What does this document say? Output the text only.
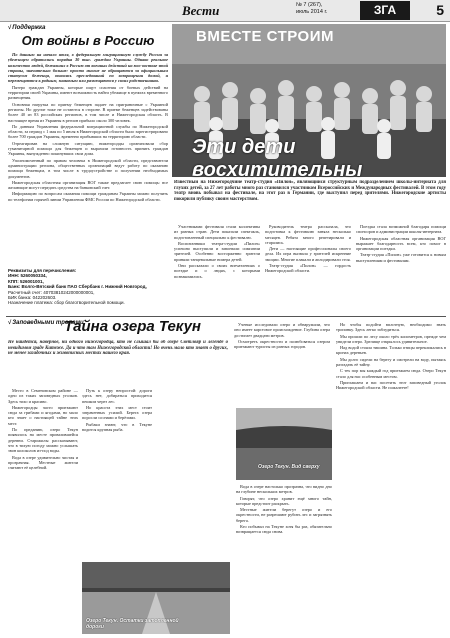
Вести	№ 7 (267),
июль 2014 г.	ЗГА	5
√ Поддержка
От войны в Россию

По данным на начало июля, в федеральную миграционную службу России за убежищем обратились порядка 30 тыс. граждан Украины. Однако реальное количество людей, бежавших в Россию от военных действий на юго-востоке этой страны, значительно больше: просто многие не обращаются за официальным статусом беженца, опасаясь преследований по возвращении домой, и перемещаются к родным, знакомым или размещаются у своих родственников.

Пятеро граждан Украины, которые ищут спасения от боевых действий на территории своей Украины, имеют возможность найти убежище в пунктах временного размещения.

Основная нагрузка по приему беженцев падает на приграничные с Украиной регионы. Но другие тоже не остаются в стороне. В приеме беженцев задействованы более 40 из 83 российских регионов, в том числе и Нижегородская область. В настоящее время из Украины в регион прибыло около 300 человек.

По данным Управления федеральной миграционной службы по Нижегородской области, за период с 1 мая по 5 июля в Нижегородской области было зарегистрировано более 700 граждан Украины, временно прибывших на территорию области.

Отреагировав на сложную ситуацию, нижегородцы организовали сбор гуманитарной помощи для беженцев и выразили готовность принять граждан Украины, вынужденно покинувших свои дома.

Уполномоченный по правам человека в Нижегородской области, представители администрации региона, общественных организаций ведут работу по оказанию помощи беженцам, в том числе в трудоустройстве и получении необходимых документов.

Нижегородская областная организация ВОГ также предлагает свою помощь: все желающие могут передать средства на банковский счет.

Информацию по вопросам оказания помощи гражданам Украины можно получить по телефонам горячей линии Управления ФМС России по Нижегородской области.

Реквизиты для перечисления:
ИНН: 5260050334,
КПП: 526001001,
Банк: Волго-Вятский банк ПАО Сбербанк г. Нижний Новгород,
Расчетный счет: 40703810242000000001,
БИК банка: 042202603.
Назначение платежа: сбор благотворительной помощи.
ВМЕСТЕ СТРОИМ
Эти дети восхитительны
Известный на Нижегородчине театр-студия «Пилон», являющийся структурным подразделением школы-интерната для глухих детей, за 27 лет работы много раз становился участником Всероссийских и Международных фестивалей. В этом году театр вновь побывал на фестивале, на этот раз в Германии, где выступил перед зрителями. Нижегородские артисты покорили публику своим мастерством.

Участниками фестиваля стали коллективы из разных стран. Дети показали спектакль, подготовленный специально к фестивалю.

Воспитанники театра-студии «Пилон» успешно выступили и завоевали симпатии зрителей. Особенно восторженно зрители приняли танцевальные номера детей.

Они рассказали о своих впечатлениях о поездке и о людях, с которыми познакомились.

Руководитель театра рассказала, что подготовка к фестивалю заняла несколько месяцев. Ребята много репетировали и старались.

Дети — настоящие профессионалы своего дела. Их игра вызвала у зрителей искренние эмоции. Многие плакали и аплодировали стоя.

Театр-студия «Пилон» — гордость Нижегородской области.

Поездка стала возможной благодаря помощи спонсоров и администрации школы-интерната.

Нижегородская областная организация ВОГ выражает благодарность всем, кто помог в организации поездки.

Театр-студия «Пилон» уже готовится к новым выступлениям и фестивалям.

√ Заповедными тропами
Тайна озера Текун
Не найдется, наверное, ни одного нижегородца, кто не слышал бы об озере Светлояр и легенде о невидимом граде Китеже. Да и что там Нижегородской области! Но очень мало кто знает о других, не менее загадочных и живописных местах нашего края.

Место в Семеновском районе — одно из таких заповедных уголков. Здесь тихо и красиво.

Нижегородцы часто приезжают сюда за грибами и ягодами, но мало кто знает о настоящей тайне этих мест.

По преданию, озеро Текун появилось на месте провалившейся деревни. Старожилы рассказывают, что в тихую погоду можно услышать звон колоколов из-под воды.

Вода в озере удивительно чистая и прозрачная. Местные жители считают её целебной.

Путь к озеру непростой: дороги здесь нет, добираться приходится пешком через лес.

Но красота этих мест стоит затраченных усилий. Берега озера поросли соснами и берёзами.

Рыбаки знают, что в Текуне водится крупная рыба.

Ученые исследовали озеро и обнаружили, что оно имеет карстовое происхождение. Глубина озера достигает двадцати метров.

Осмотреть окрестности и полюбоваться озером приезжают туристы из разных городов.

Озеро Текун. Вид сверху

Вода в озере настолько прозрачна, что видно дно на глубине нескольких метров.

Говорят, что озеро хранит ещё много тайн, которые предстоит раскрыть.

Местные жители берегут озеро и его окрестности, не разрешают рубить лес и загрязнять берега.

Кто побывал на Текуне хотя бы раз, обязательно возвращается сюда снова.

Но чтобы подойти вплотную, необходимо знать тропинку. Здесь легко заблудиться.

Мы прошли по лесу около трёх километров, прежде чем увидели озеро. Зрелище открылось удивительное.

Над водой стояла тишина. Только птицы перекликались в кронах деревьев.

Мы долго сидели на берегу и смотрели на воду, пытаясь разгадать её тайну.

С тех пор мы каждый год приезжаем сюда. Озеро Текун стало для нас особенным местом.

Приглашаем и вас посетить этот заповедный уголок Нижегородской области. Не пожалеете!

Озеро Текун. Остатки затопленной дороги
